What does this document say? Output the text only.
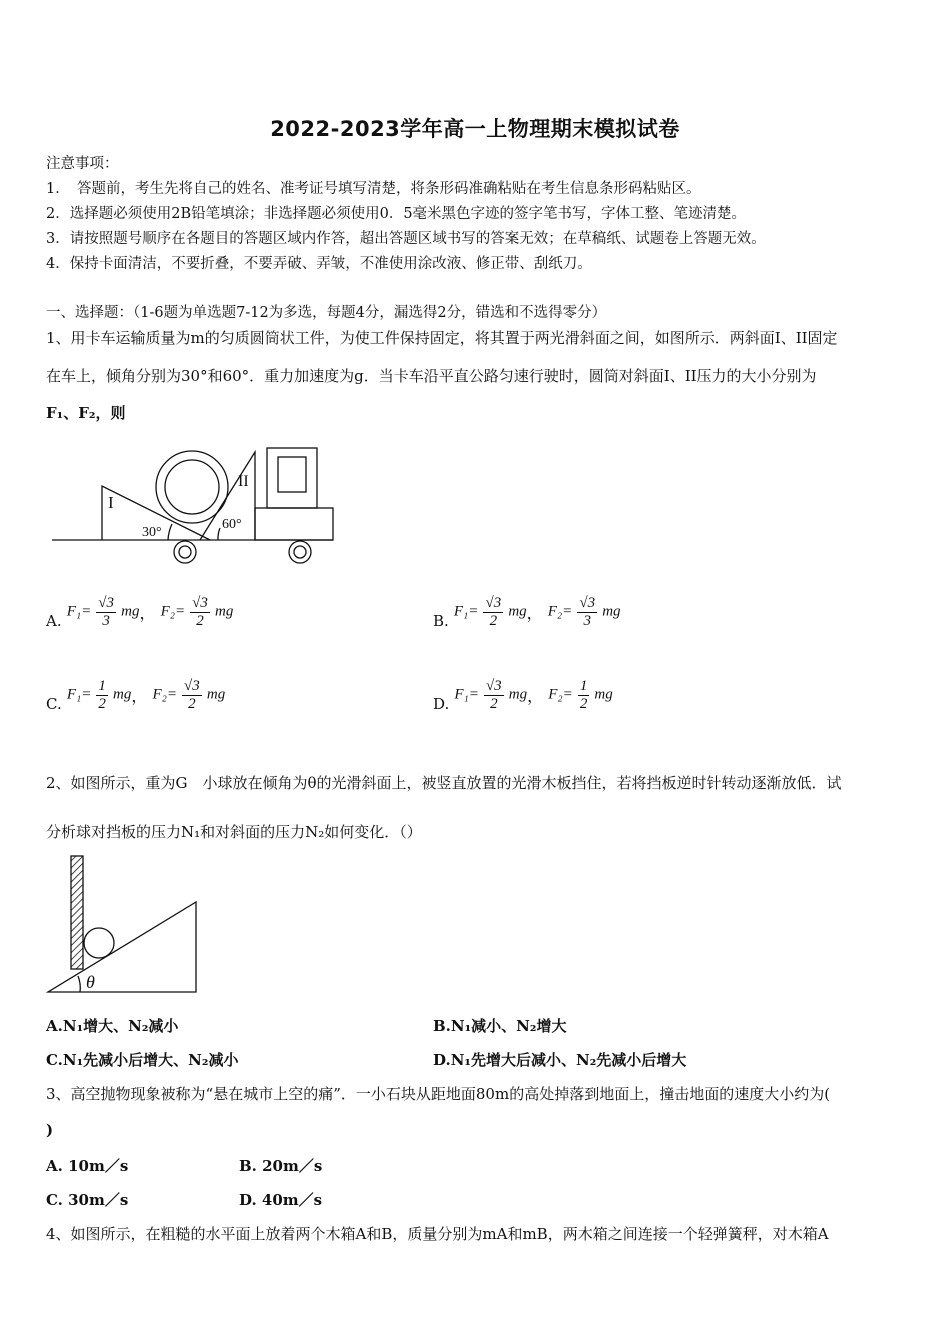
2022-2023学年高一上物理期末模拟试卷
注意事项：
1．　答题前，考生先将自己的姓名、准考证号填写清楚，将条形码准确粘贴在考生信息条形码粘贴区。
2．选择题必须使用2B铅笔填涂；非选择题必须使用0．5毫米黑色字迹的签字笔书写，字体工整、笔迹清楚。
3．请按照题号顺序在各题目的答题区域内作答，超出答题区域书写的答案无效；在草稿纸、试题卷上答题无效。
4．保持卡面清洁，不要折叠，不要弄破、弄皱，不准使用涂改液、修正带、刮纸刀。
一、选择题：（1-6题为单选题7-12为多选，每题4分，漏选得2分，错选和不选得零分）
1、用卡车运输质量为m的匀质圆筒状工件，为使工件保持固定，将其置于两光滑斜面之间，如图所示．两斜面I、II固定
在车上，倾角分别为30°和60°．重力加速度为g．当卡车沿平直公路匀速行驶时，圆筒对斜面I、II压力的大小分别为
F₁、F₂，则
I
II
30°
60°
A. $F_1= \frac{√3}{3}$ mg， $F_2= \frac{√3}{2}$ mg
B. $F_1= \frac{√3}{2}$ mg， $F_2= \frac{√3}{3}$ mg
C. $F_1= \frac{1}{2}$ mg， $F_2= \frac{√3}{2}$ mg
D. $F_1= \frac{√3}{2}$ mg， $F_2= \frac{1}{2}$ mg
2、如图所示，重为G　小球放在倾角为θ的光滑斜面上，被竖直放置的光滑木板挡住，若将挡板逆时针转动逐渐放低．试
分析球对挡板的压力N₁和对斜面的压力N₂如何变化．（）
θ
A.N₁增大、N₂减小	B.N₁减小、N₂增大
C.N₁先减小后增大、N₂减小	D.N₁先增大后减小、N₂先减小后增大
3、高空抛物现象被称为“悬在城市上空的痛”．一小石块从距地面80m的高处掉落到地面上，撞击地面的速度大小约为(
)
A. 10m／s	B. 20m／s
C. 30m／s	D. 40m／s
4、如图所示，在粗糙的水平面上放着两个木箱A和B，质量分别为mA和mB，两木箱之间连接一个轻弹簧秤，对木箱A
